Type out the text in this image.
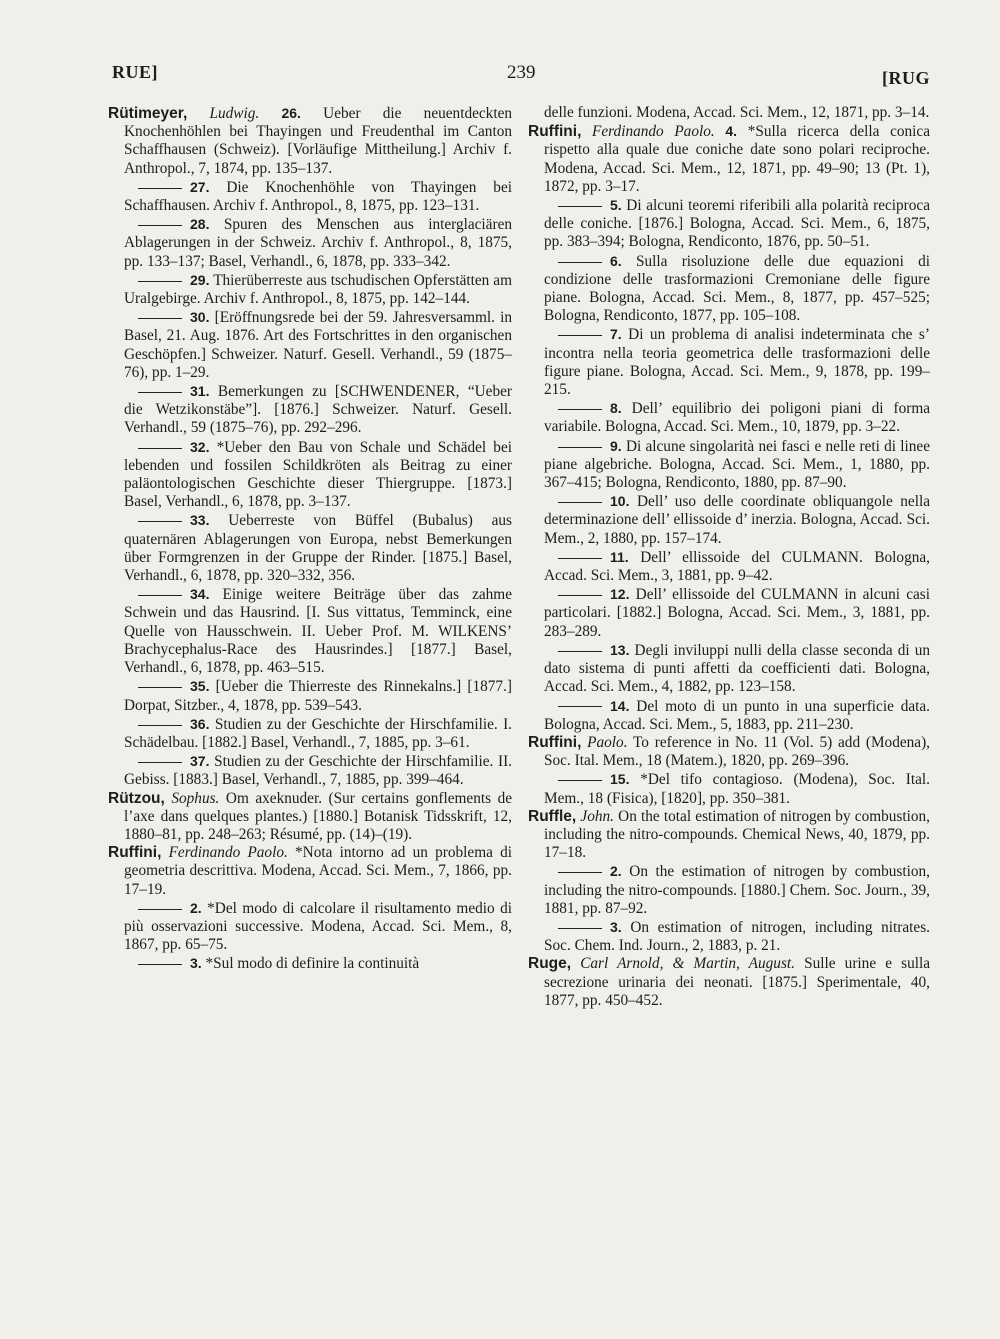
RUE]	239	[RUG

Rütimeyer, Ludwig. 26. Ueber die neuentdeckten Knochenhöhlen bei Thayingen und Freudenthal im Canton Schaffhausen (Schweiz). [Vorläufige Mittheilung.] Archiv f. Anthropol., 7, 1874, pp. 135–137.

27. Die Knochenhöhle von Thayingen bei Schaffhausen. Archiv f. Anthropol., 8, 1875, pp. 123–131.

28. Spuren des Menschen aus interglaciären Ablagerungen in der Schweiz. Archiv f. Anthropol., 8, 1875, pp. 133–137; Basel, Verhandl., 6, 1878, pp. 333–342.

29. Thierüberreste aus tschudischen Opferstätten am Uralgebirge. Archiv f. Anthropol., 8, 1875, pp. 142–144.

30. [Eröffnungsrede bei der 59. Jahresversamml. in Basel, 21. Aug. 1876. Art des Fortschrittes in den organischen Geschöpfen.] Schweizer. Naturf. Gesell. Verhandl., 59 (1875–76), pp. 1–29.

31. Bemerkungen zu [SCHWENDENER, “Ueber die Wetzikonstäbe”]. [1876.] Schweizer. Naturf. Gesell. Verhandl., 59 (1875–76), pp. 292–296.

32. *Ueber den Bau von Schale und Schädel bei lebenden und fossilen Schildkröten als Beitrag zu einer paläontologischen Geschichte dieser Thiergruppe. [1873.] Basel, Verhandl., 6, 1878, pp. 3–137.

33. Ueberreste von Büffel (Bubalus) aus quaternären Ablagerungen von Europa, nebst Bemerkungen über Formgrenzen in der Gruppe der Rinder. [1875.] Basel, Verhandl., 6, 1878, pp. 320–332, 356.

34. Einige weitere Beiträge über das zahme Schwein und das Hausrind. [I. Sus vittatus, Temminck, eine Quelle von Hausschwein. II. Ueber Prof. M. WILKENS’ Brachycephalus-Race des Hausrindes.] [1877.] Basel, Verhandl., 6, 1878, pp. 463–515.

35. [Ueber die Thierreste des Rinnekalns.] [1877.] Dorpat, Sitzber., 4, 1878, pp. 539–543.

36. Studien zu der Geschichte der Hirschfamilie. I. Schädelbau. [1882.] Basel, Verhandl., 7, 1885, pp. 3–61.

37. Studien zu der Geschichte der Hirschfamilie. II. Gebiss. [1883.] Basel, Verhandl., 7, 1885, pp. 399–464.

Rützou, Sophus. Om axeknuder. (Sur certains gonflements de l’axe dans quelques plantes.) [1880.] Botanisk Tidsskrift, 12, 1880–81, pp. 248–263; Résumé, pp. (14)–(19).

Ruffini, Ferdinando Paolo. *Nota intorno ad un problema di geometria descrittiva. Modena, Accad. Sci. Mem., 7, 1866, pp. 17–19.

2. *Del modo di calcolare il risultamento medio di più osservazioni successive. Modena, Accad. Sci. Mem., 8, 1867, pp. 65–75.

3. *Sul modo di definire la continuità

delle funzioni. Modena, Accad. Sci. Mem., 12, 1871, pp. 3–14.

Ruffini, Ferdinando Paolo. 4. *Sulla ricerca della conica rispetto alla quale due coniche date sono polari reciproche. Modena, Accad. Sci. Mem., 12, 1871, pp. 49–90; 13 (Pt. 1), 1872, pp. 3–17.

5. Di alcuni teoremi riferibili alla polarità reciproca delle coniche. [1876.] Bologna, Accad. Sci. Mem., 6, 1875, pp. 383–394; Bologna, Rendiconto, 1876, pp. 50–51.

6. Sulla risoluzione delle due equazioni di condizione delle trasformazioni Cremoniane delle figure piane. Bologna, Accad. Sci. Mem., 8, 1877, pp. 457–525; Bologna, Rendiconto, 1877, pp. 105–108.

7. Di un problema di analisi indeterminata che s’ incontra nella teoria geometrica delle trasformazioni delle figure piane. Bologna, Accad. Sci. Mem., 9, 1878, pp. 199–215.

8. Dell’ equilibrio dei poligoni piani di forma variabile. Bologna, Accad. Sci. Mem., 10, 1879, pp. 3–22.

9. Di alcune singolarità nei fasci e nelle reti di linee piane algebriche. Bologna, Accad. Sci. Mem., 1, 1880, pp. 367–415; Bologna, Rendiconto, 1880, pp. 87–90.

10. Dell’ uso delle coordinate obliquangole nella determinazione dell’ ellissoide d’ inerzia. Bologna, Accad. Sci. Mem., 2, 1880, pp. 157–174.

11. Dell’ ellissoide del CULMANN. Bologna, Accad. Sci. Mem., 3, 1881, pp. 9–42.

12. Dell’ ellissoide del CULMANN in alcuni casi particolari. [1882.] Bologna, Accad. Sci. Mem., 3, 1881, pp. 283–289.

13. Degli inviluppi nulli della classe seconda di un dato sistema di punti affetti da coefficienti dati. Bologna, Accad. Sci. Mem., 4, 1882, pp. 123–158.

14. Del moto di un punto in una superficie data. Bologna, Accad. Sci. Mem., 5, 1883, pp. 211–230.

Ruffini, Paolo. To reference in No. 11 (Vol. 5) add (Modena), Soc. Ital. Mem., 18 (Matem.), 1820, pp. 269–396.

15. *Del tifo contagioso. (Modena), Soc. Ital. Mem., 18 (Fisica), [1820], pp. 350–381.

Ruffle, John. On the total estimation of nitrogen by combustion, including the nitro-compounds. Chemical News, 40, 1879, pp. 17–18.

2. On the estimation of nitrogen by combustion, including the nitro-compounds. [1880.] Chem. Soc. Journ., 39, 1881, pp. 87–92.

3. On estimation of nitrogen, including nitrates. Soc. Chem. Ind. Journ., 2, 1883, p. 21.

Ruge, Carl Arnold, & Martin, August. Sulle urine e sulla secrezione urinaria dei neonati. [1875.] Sperimentale, 40, 1877, pp. 450–452.
